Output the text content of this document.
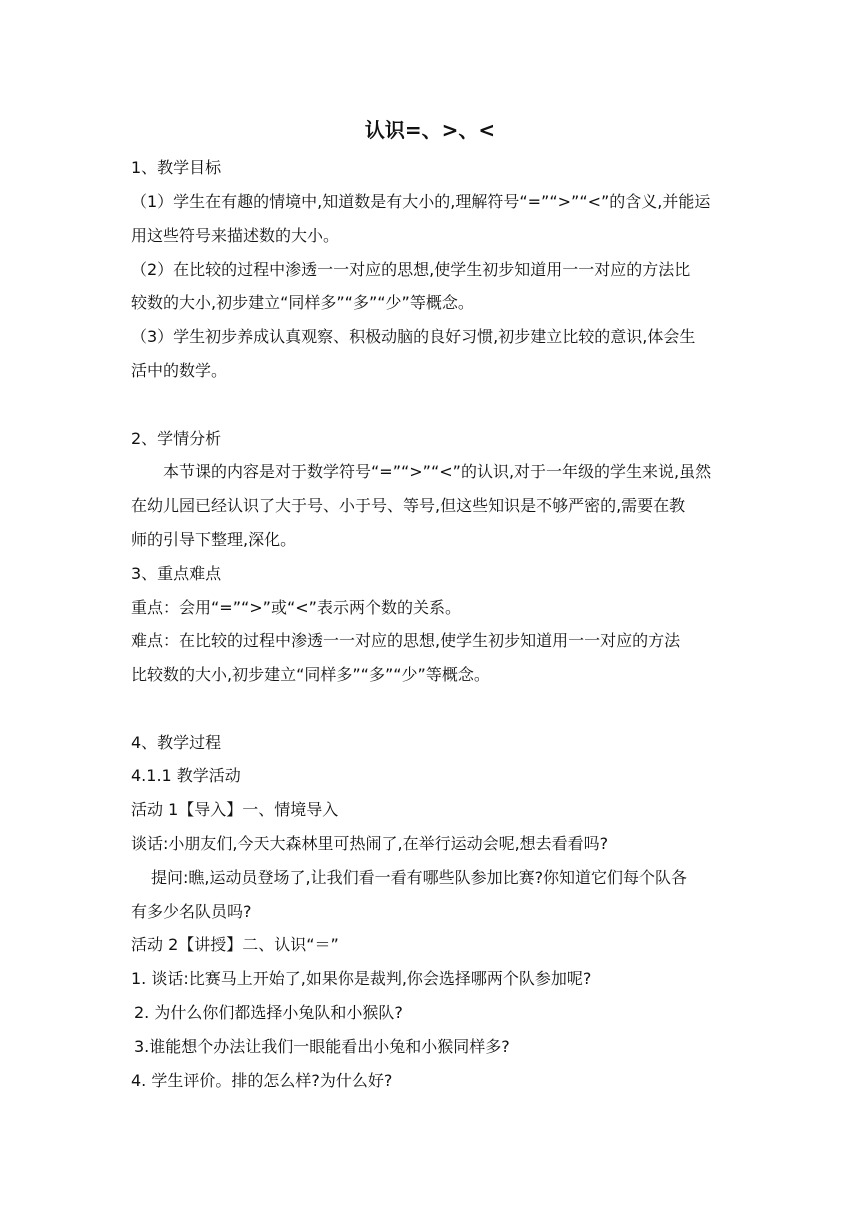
认识=、>、<
1、教学目标
（1）学生在有趣的情境中,知道数是有大小的,理解符号“=”“>”“<”的含义,并能运
用这些符号来描述数的大小。
（2）在比较的过程中渗透一一对应的思想,使学生初步知道用一一对应的方法比
较数的大小,初步建立“同样多”“多”“少”等概念。
（3）学生初步养成认真观察、积极动脑的良好习惯,初步建立比较的意识,体会生
活中的数学。
2、学情分析
本节课的内容是对于数学符号“=”“>”“<”的认识,对于一年级的学生来说,虽然
在幼儿园已经认识了大于号、小于号、等号,但这些知识是不够严密的,需要在教
师的引导下整理,深化。
3、重点难点
重点：会用“=”“>”或“<”表示两个数的关系。
难点：在比较的过程中渗透一一对应的思想,使学生初步知道用一一对应的方法
比较数的大小,初步建立“同样多”“多”“少”等概念。
4、教学过程
4.1.1 教学活动
活动 1【导入】一、情境导入
谈话:小朋友们,今天大森林里可热闹了,在举行运动会呢,想去看看吗?
提问:瞧,运动员登场了,让我们看一看有哪些队参加比赛?你知道它们每个队各
有多少名队员吗?
活动 2【讲授】二、认识“＝”
1. 谈话:比赛马上开始了,如果你是裁判,你会选择哪两个队参加呢?
2. 为什么你们都选择小兔队和小猴队?
3.谁能想个办法让我们一眼能看出小兔和小猴同样多?
4. 学生评价。排的怎么样?为什么好?
